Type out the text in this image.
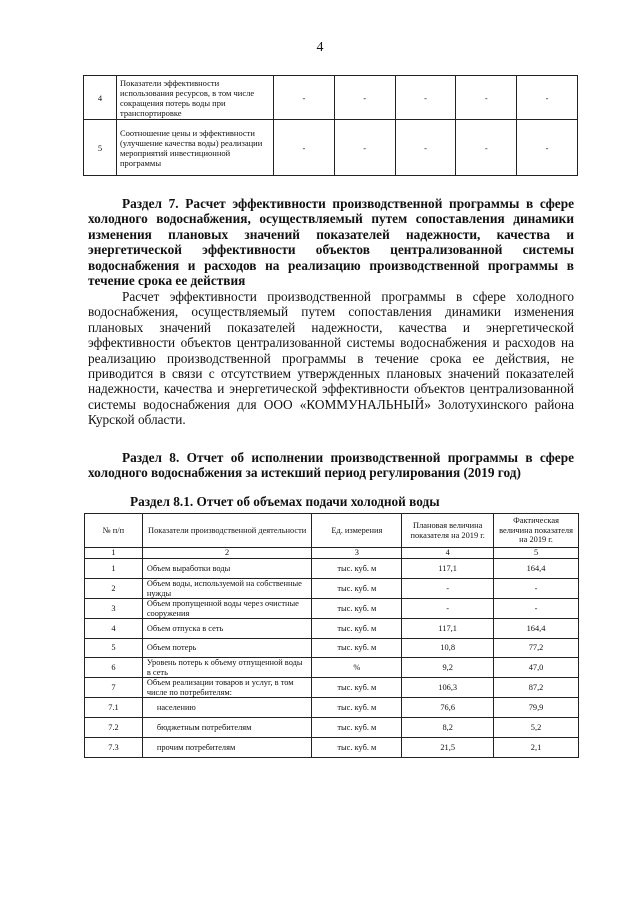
4
4	Показатели эффективности использования ресурсов, в том числе сокращения потерь воды при транспортировке	-	-	-	-	-
5	Соотношение цены и эффективности (улучшение качества воды) реализации мероприятий инвестиционной программы	-	-	-	-	-
Раздел 7. Расчет эффективности производственной программы в сфере холодного водоснабжения, осуществляемый путем сопоставления динамики изменения плановых значений показателей надежности, качества и энергетической эффективности объектов централизованной системы водоснабжения и расходов на реализацию производственной программы в течение срока ее действия
Расчет эффективности производственной программы в сфере холодного водоснабжения, осуществляемый путем сопоставления динамики изменения плановых значений показателей надежности, качества и энергетической эффективности объектов централизованной системы водоснабжения и расходов на реализацию производственной программы в течение срока ее действия, не приводится в связи с отсутствием утвержденных плановых значений показателей надежности, качества и энергетической эффективности объектов централизованной системы водоснабжения для ООО «КОММУНАЛЬНЫЙ» Золотухинского района Курской области.
Раздел 8. Отчет об исполнении производственной программы в сфере холодного водоснабжения за истекший период регулирования (2019 год)
Раздел 8.1. Отчет об объемах подачи холодной воды
№ п/п	Показатели производственной деятельности	Ед. измерения	Плановая величина показателя на 2019 г.	Фактическая величина показателя на 2019 г.
1	2	3	4	5
1	Объем выработки воды	тыс. куб. м	117,1	164,4
2	Объем воды, используемой на собственные нужды	тыс. куб. м	-	-
3	Объем пропущенной воды через очистные сооружения	тыс. куб. м	-	-
4	Объем отпуска в сеть	тыс. куб. м	117,1	164,4
5	Объем потерь	тыс. куб. м	10,8	77,2
6	Уровень потерь к объему отпущенной воды в сеть	%	9,2	47,0
7	Объем реализации товаров и услуг, в том числе по потребителям:	тыс. куб. м	106,3	87,2
7.1	населению	тыс. куб. м	76,6	79,9
7.2	бюджетным потребителям	тыс. куб. м	8,2	5,2
7.3	прочим потребителям	тыс. куб. м	21,5	2,1
